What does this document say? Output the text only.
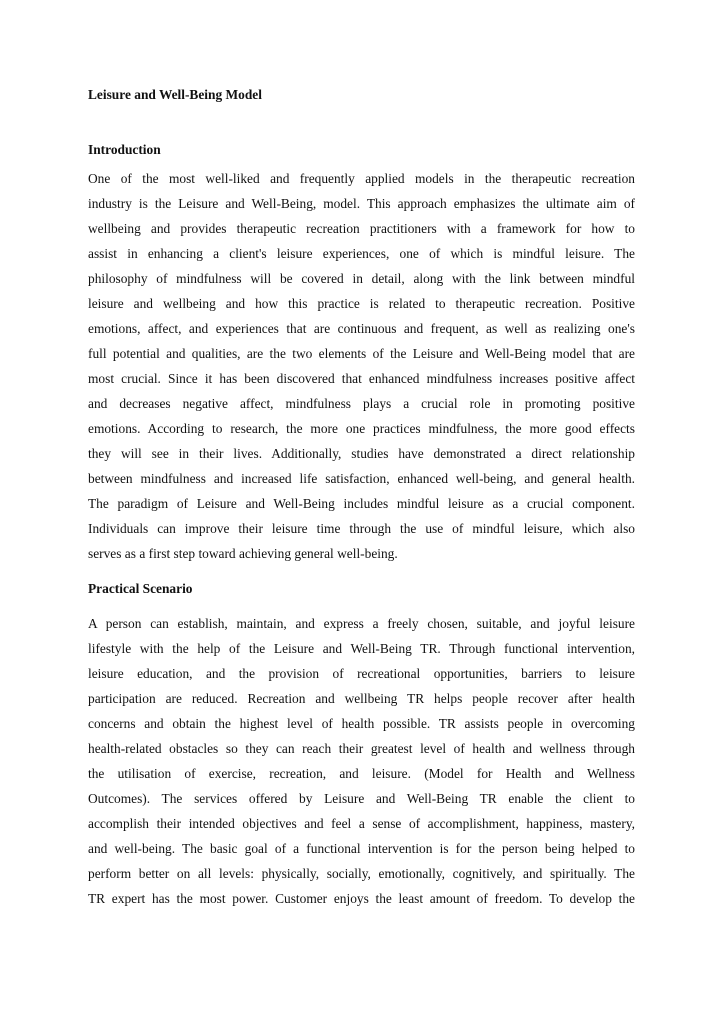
Leisure and Well-Being Model
Introduction
One of the most well-liked and frequently applied models in the therapeutic recreation
industry is the Leisure and Well-Being, model. This approach emphasizes the ultimate aim of
wellbeing and provides therapeutic recreation practitioners with a framework for how to
assist in enhancing a client's leisure experiences, one of which is mindful leisure. The
philosophy of mindfulness will be covered in detail, along with the link between mindful
leisure and wellbeing and how this practice is related to therapeutic recreation. Positive
emotions, affect, and experiences that are continuous and frequent, as well as realizing one's
full potential and qualities, are the two elements of the Leisure and Well-Being model that are
most crucial. Since it has been discovered that enhanced mindfulness increases positive affect
and decreases negative affect, mindfulness plays a crucial role in promoting positive
emotions. According to research, the more one practices mindfulness, the more good effects
they will see in their lives. Additionally, studies have demonstrated a direct relationship
between mindfulness and increased life satisfaction, enhanced well-being, and general health.
The paradigm of Leisure and Well-Being includes mindful leisure as a crucial component.
Individuals can improve their leisure time through the use of mindful leisure, which also
serves as a first step toward achieving general well-being.
Practical Scenario
A person can establish, maintain, and express a freely chosen, suitable, and joyful leisure
lifestyle with the help of the Leisure and Well-Being TR. Through functional intervention,
leisure education, and the provision of recreational opportunities, barriers to leisure
participation are reduced. Recreation and wellbeing TR helps people recover after health
concerns and obtain the highest level of health possible. TR assists people in overcoming
health-related obstacles so they can reach their greatest level of health and wellness through
the utilisation of exercise, recreation, and leisure. (Model for Health and Wellness
Outcomes). The services offered by Leisure and Well-Being TR enable the client to
accomplish their intended objectives and feel a sense of accomplishment, happiness, mastery,
and well-being. The basic goal of a functional intervention is for the person being helped to
perform better on all levels: physically, socially, emotionally, cognitively, and spiritually. The
TR expert has the most power. Customer enjoys the least amount of freedom. To develop the
